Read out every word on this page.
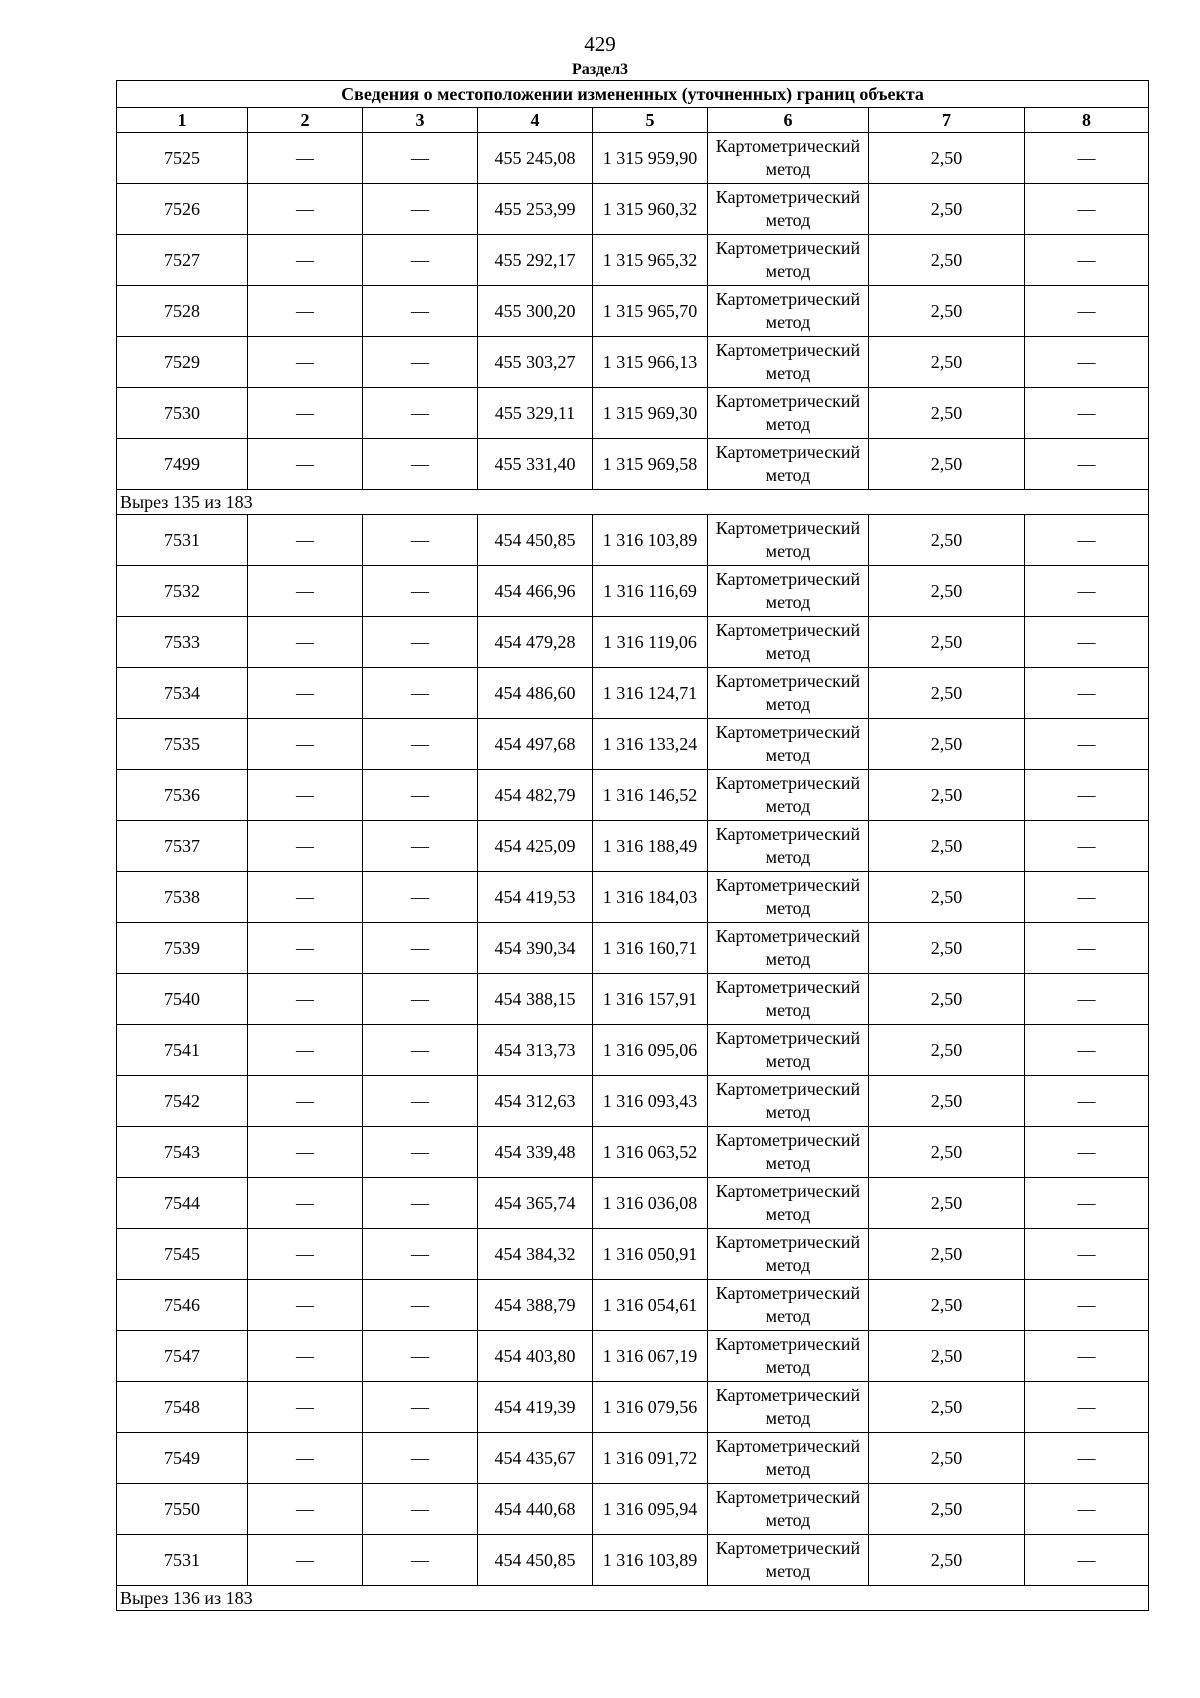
429
Раздел3
Сведения о местоположении измененных (уточненных) границ объекта							
1	2	3	4	5	6	7	8
7525	—	—	455 245,08	1 315 959,90	Картометрический метод	2,50	—
7526	—	—	455 253,99	1 315 960,32	Картометрический метод	2,50	—
7527	—	—	455 292,17	1 315 965,32	Картометрический метод	2,50	—
7528	—	—	455 300,20	1 315 965,70	Картометрический метод	2,50	—
7529	—	—	455 303,27	1 315 966,13	Картометрический метод	2,50	—
7530	—	—	455 329,11	1 315 969,30	Картометрический метод	2,50	—
7499	—	—	455 331,40	1 315 969,58	Картометрический метод	2,50	—
Вырез 135 из 183							
7531	—	—	454 450,85	1 316 103,89	Картометрический метод	2,50	—
7532	—	—	454 466,96	1 316 116,69	Картометрический метод	2,50	—
7533	—	—	454 479,28	1 316 119,06	Картометрический метод	2,50	—
7534	—	—	454 486,60	1 316 124,71	Картометрический метод	2,50	—
7535	—	—	454 497,68	1 316 133,24	Картометрический метод	2,50	—
7536	—	—	454 482,79	1 316 146,52	Картометрический метод	2,50	—
7537	—	—	454 425,09	1 316 188,49	Картометрический метод	2,50	—
7538	—	—	454 419,53	1 316 184,03	Картометрический метод	2,50	—
7539	—	—	454 390,34	1 316 160,71	Картометрический метод	2,50	—
7540	—	—	454 388,15	1 316 157,91	Картометрический метод	2,50	—
7541	—	—	454 313,73	1 316 095,06	Картометрический метод	2,50	—
7542	—	—	454 312,63	1 316 093,43	Картометрический метод	2,50	—
7543	—	—	454 339,48	1 316 063,52	Картометрический метод	2,50	—
7544	—	—	454 365,74	1 316 036,08	Картометрический метод	2,50	—
7545	—	—	454 384,32	1 316 050,91	Картометрический метод	2,50	—
7546	—	—	454 388,79	1 316 054,61	Картометрический метод	2,50	—
7547	—	—	454 403,80	1 316 067,19	Картометрический метод	2,50	—
7548	—	—	454 419,39	1 316 079,56	Картометрический метод	2,50	—
7549	—	—	454 435,67	1 316 091,72	Картометрический метод	2,50	—
7550	—	—	454 440,68	1 316 095,94	Картометрический метод	2,50	—
7531	—	—	454 450,85	1 316 103,89	Картометрический метод	2,50	—
Вырез 136 из 183							
